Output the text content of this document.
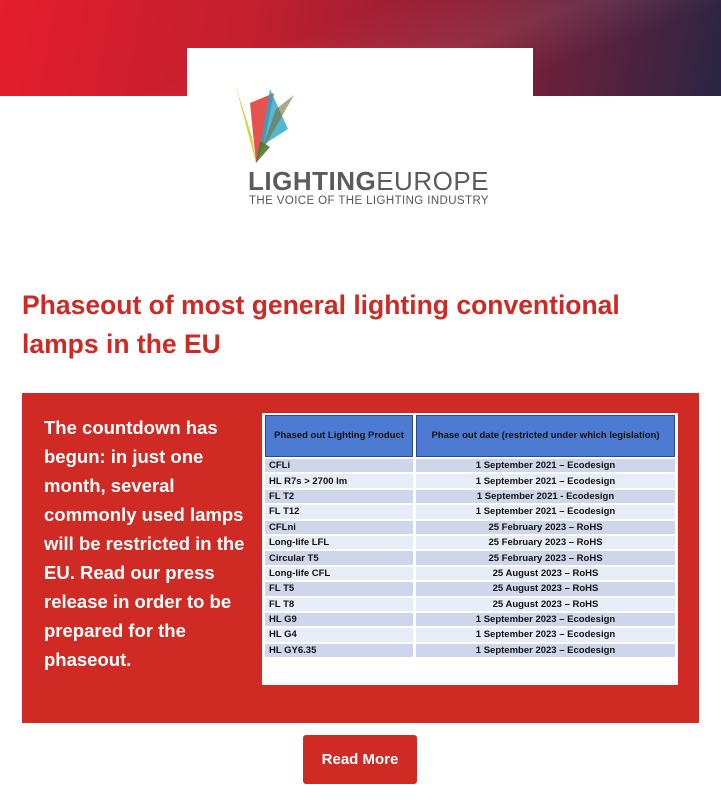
LIGHTINGEUROPE
THE VOICE OF THE LIGHTING INDUSTRY
Phaseout of most general lighting conventional lamps in the EU
The countdown has begun: in just one month, several commonly used lamps will be restricted in the EU. Read our press release in order to be prepared for the phaseout.
Phased out Lighting Product	Phase out date (restricted under which legislation)
CFLi	1 September 2021 – Ecodesign
HL R7s > 2700 lm	1 September 2021 – Ecodesign
FL T2	1 September 2021 - Ecodesign
FL T12	1 September 2021 – Ecodesign
CFLni	25 February 2023 – RoHS
Long-life LFL	25 February 2023 – RoHS
Circular T5	25 February 2023 – RoHS
Long-life CFL	25 August 2023 – RoHS
FL T5	25 August 2023 – RoHS
FL T8	25 August 2023 – RoHS
HL G9	1 September 2023 – Ecodesign
HL G4	1 September 2023 – Ecodesign
HL GY6.35	1 September 2023 – Ecodesign
Read More
